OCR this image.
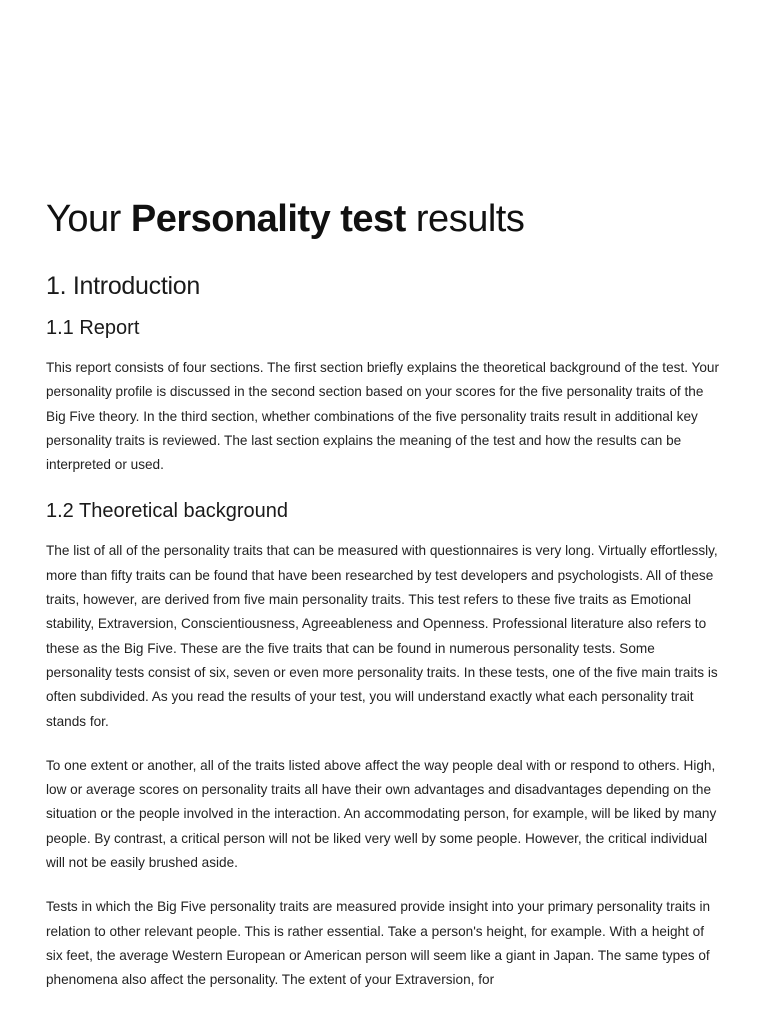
Your Personality test results
1. Introduction
1.1 Report

This report consists of four sections. The first section briefly explains the theoretical background of the test. Your personality profile is discussed in the second section based on your scores for the five personality traits of the Big Five theory. In the third section, whether combinations of the five personality traits result in additional key personality traits is reviewed. The last section explains the meaning of the test and how the results can be interpreted or used.

1.2 Theoretical background

The list of all of the personality traits that can be measured with questionnaires is very long. Virtually effortlessly, more than fifty traits can be found that have been researched by test developers and psychologists. All of these traits, however, are derived from five main personality traits. This test refers to these five traits as Emotional stability, Extraversion, Conscientiousness, Agreeableness and Openness. Professional literature also refers to these as the Big Five. These are the five traits that can be found in numerous personality tests. Some personality tests consist of six, seven or even more personality traits. In these tests, one of the five main traits is often subdivided. As you read the results of your test, you will understand exactly what each personality trait stands for.

To one extent or another, all of the traits listed above affect the way people deal with or respond to others. High, low or average scores on personality traits all have their own advantages and disadvantages depending on the situation or the people involved in the interaction. An accommodating person, for example, will be liked by many people. By contrast, a critical person will not be liked very well by some people. However, the critical individual will not be easily brushed aside.

Tests in which the Big Five personality traits are measured provide insight into your primary personality traits in relation to other relevant people. This is rather essential. Take a person's height, for example. With a height of six feet, the average Western European or American person will seem like a giant in Japan. The same types of phenomena also affect the personality. The extent of your Extraversion, for
